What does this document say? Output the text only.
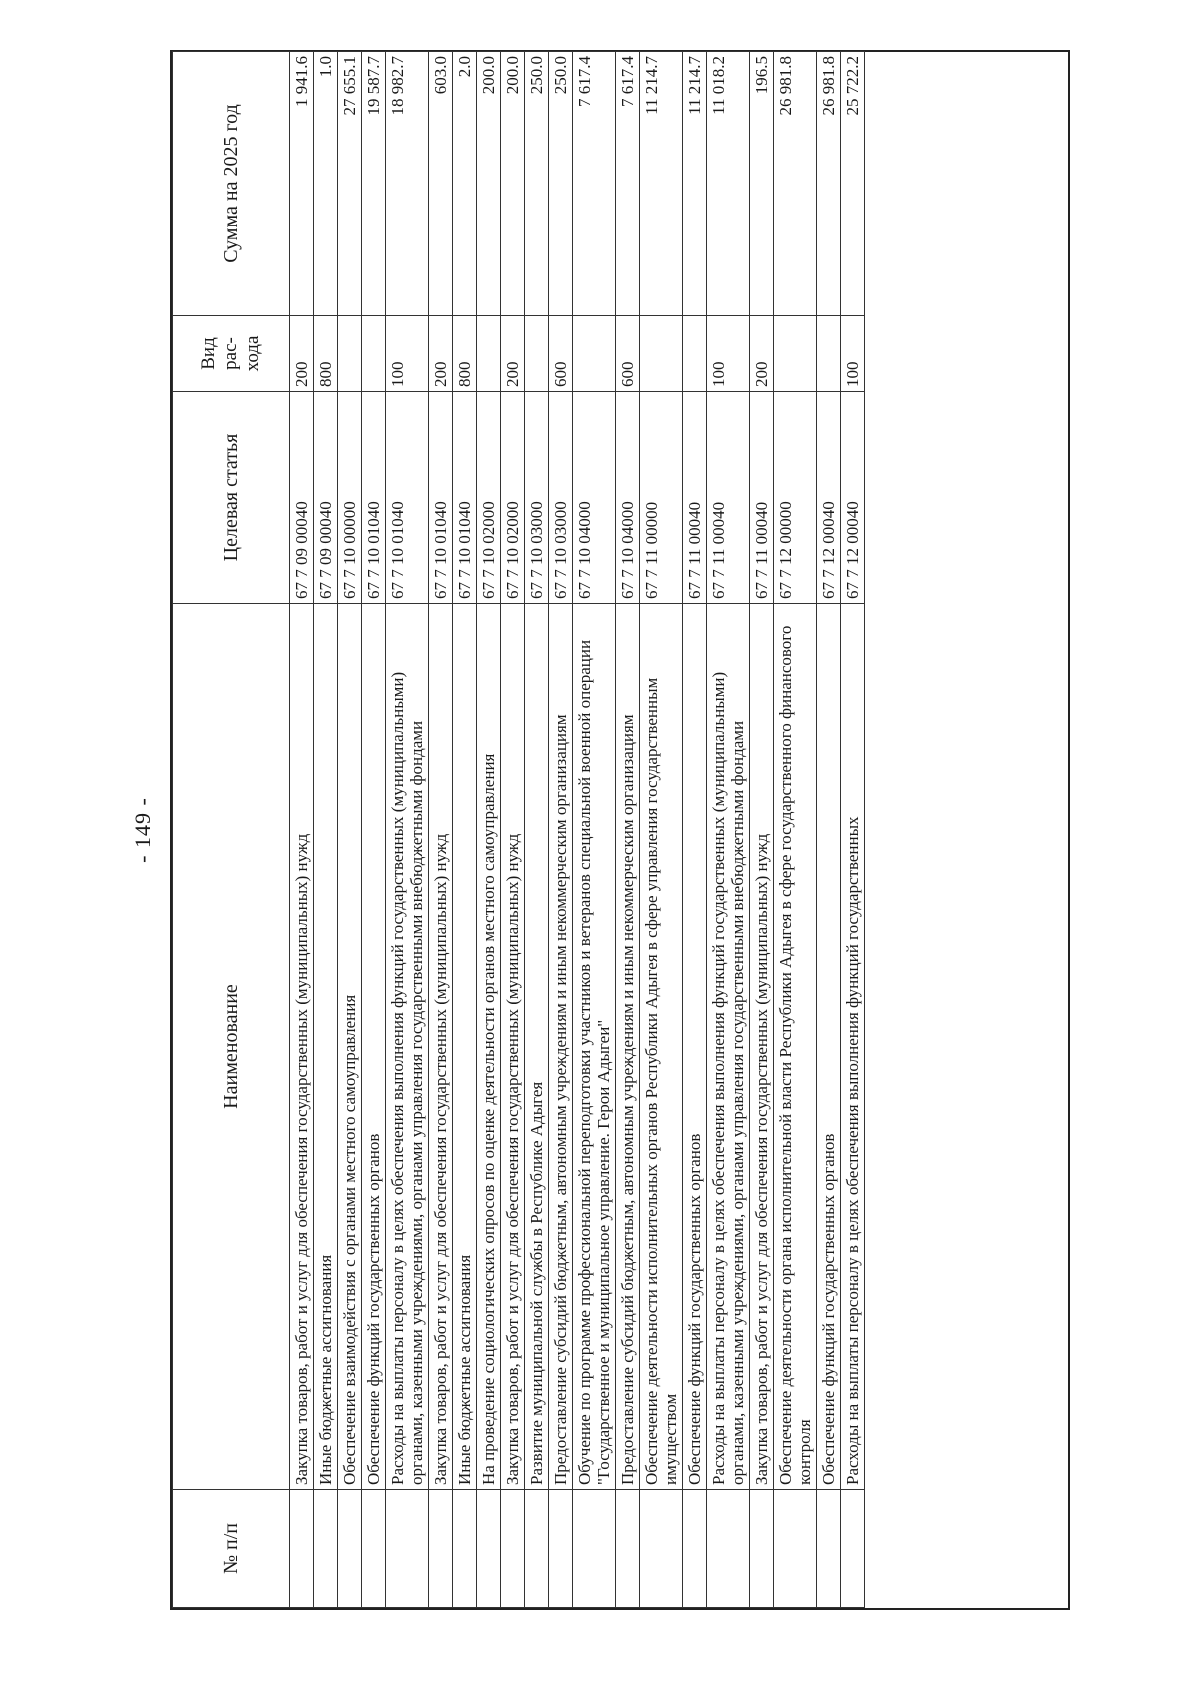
- 149 -
№ п/п	Наименование	Целевая статья	Вид рас-хода	Сумма на 2025 год
	Закупка товаров, работ и услуг для обеспечения государственных (муниципальных) нужд	67 7 09 00040	200	1 941.6
	Иные бюджетные ассигнования	67 7 09 00040	800	1.0
	Обеспечение взаимодействия с органами местного самоуправления	67 7 10 00000		27 655.1
	Обеспечение функций государственных органов	67 7 10 01040		19 587.7
	Расходы на выплаты персоналу в целях обеспечения выполнения функций государственных (муниципальными) органами, казенными учреждениями, органами управления государственными внебюджетными фондами	67 7 10 01040	100	18 982.7
	Закупка товаров, работ и услуг для обеспечения государственных (муниципальных) нужд	67 7 10 01040	200	603.0
	Иные бюджетные ассигнования	67 7 10 01040	800	2.0
	На проведение социологических опросов по оценке деятельности органов местного самоуправления	67 7 10 02000		200.0
	Закупка товаров, работ и услуг для обеспечения государственных (муниципальных) нужд	67 7 10 02000	200	200.0
	Развитие муниципальной службы в Республике Адыгея	67 7 10 03000		250.0
	Предоставление субсидий бюджетным, автономным учреждениям и иным некоммерческим организациям	67 7 10 03000	600	250.0
	Обучение по программе профессиональной переподготовки участников и ветеранов специальной военной операции "Государственное и муниципальное управление. Герои Адыгеи"	67 7 10 04000		7 617.4
	Предоставление субсидий бюджетным, автономным учреждениям и иным некоммерческим организациям	67 7 10 04000	600	7 617.4
	Обеспечение деятельности исполнительных органов Республики Адыгея в сфере управления государственным имуществом	67 7 11 00000		11 214.7
	Обеспечение функций государственных органов	67 7 11 00040		11 214.7
	Расходы на выплаты персоналу в целях обеспечения выполнения функций государственных (муниципальными) органами, казенными учреждениями, органами управления государственными внебюджетными фондами	67 7 11 00040	100	11 018.2
	Закупка товаров, работ и услуг для обеспечения государственных (муниципальных) нужд	67 7 11 00040	200	196.5
	Обеспечение деятельности органа исполнительной власти Республики Адыгея в сфере государственного финансового контроля	67 7 12 00000		26 981.8
	Обеспечение функций государственных органов	67 7 12 00040		26 981.8
	Расходы на выплаты персоналу в целях обеспечения выполнения функций государственных	67 7 12 00040	100	25 722.2
